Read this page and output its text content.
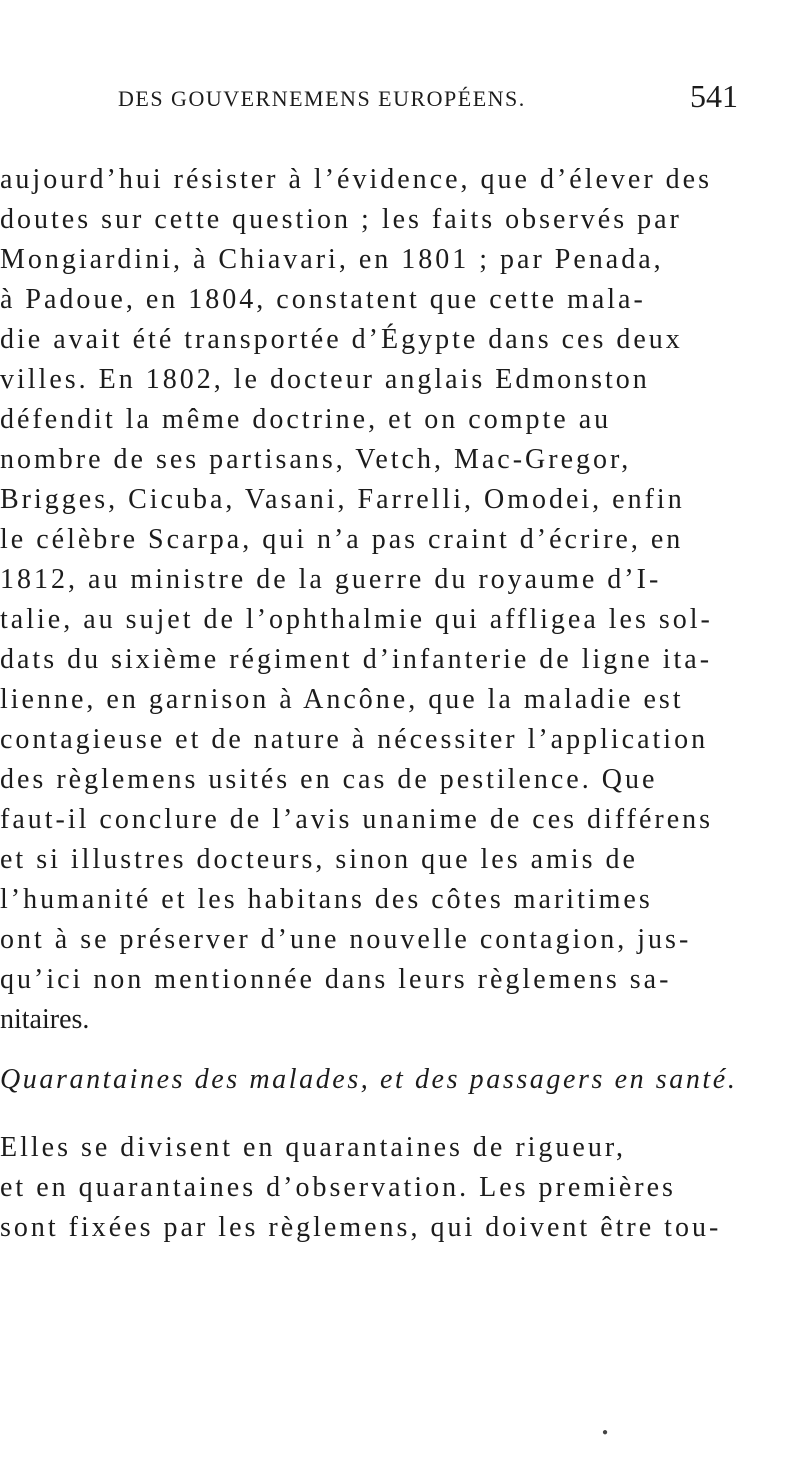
DES GOUVERNEMENS EUROPÉENS.	541
aujourd’hui résister à l’évidence, que d’élever des
doutes sur cette question ; les faits observés par
Mongiardini, à Chiavari, en 1801 ; par Penada,
à Padoue, en 1804, constatent que cette mala-
die avait été transportée d’Égypte dans ces deux
villes. En 1802, le docteur anglais Edmonston
défendit la même doctrine, et on compte au
nombre de ses partisans, Vetch, Mac-Gregor,
Brigges, Cicuba, Vasani, Farrelli, Omodei, enfin
le célèbre Scarpa, qui n’a pas craint d’écrire, en
1812, au ministre de la guerre du royaume d’I-
talie, au sujet de l’ophthalmie qui affligea les sol-
dats du sixième régiment d’infanterie de ligne ita-
lienne, en garnison à Ancône, que la maladie est
contagieuse et de nature à nécessiter l’application
des règlemens usités en cas de pestilence. Que
faut-il conclure de l’avis unanime de ces différens
et si illustres docteurs, sinon que les amis de
l’humanité et les habitans des côtes maritimes
ont à se préserver d’une nouvelle contagion, jus-
qu’ici non mentionnée dans leurs règlemens sa-
nitaires.
Quarantaines des malades, et des passagers en santé.
Elles se divisent en quarantaines de rigueur,
et en quarantaines d’observation. Les premières
sont fixées par les règlemens, qui doivent être tou-
●
